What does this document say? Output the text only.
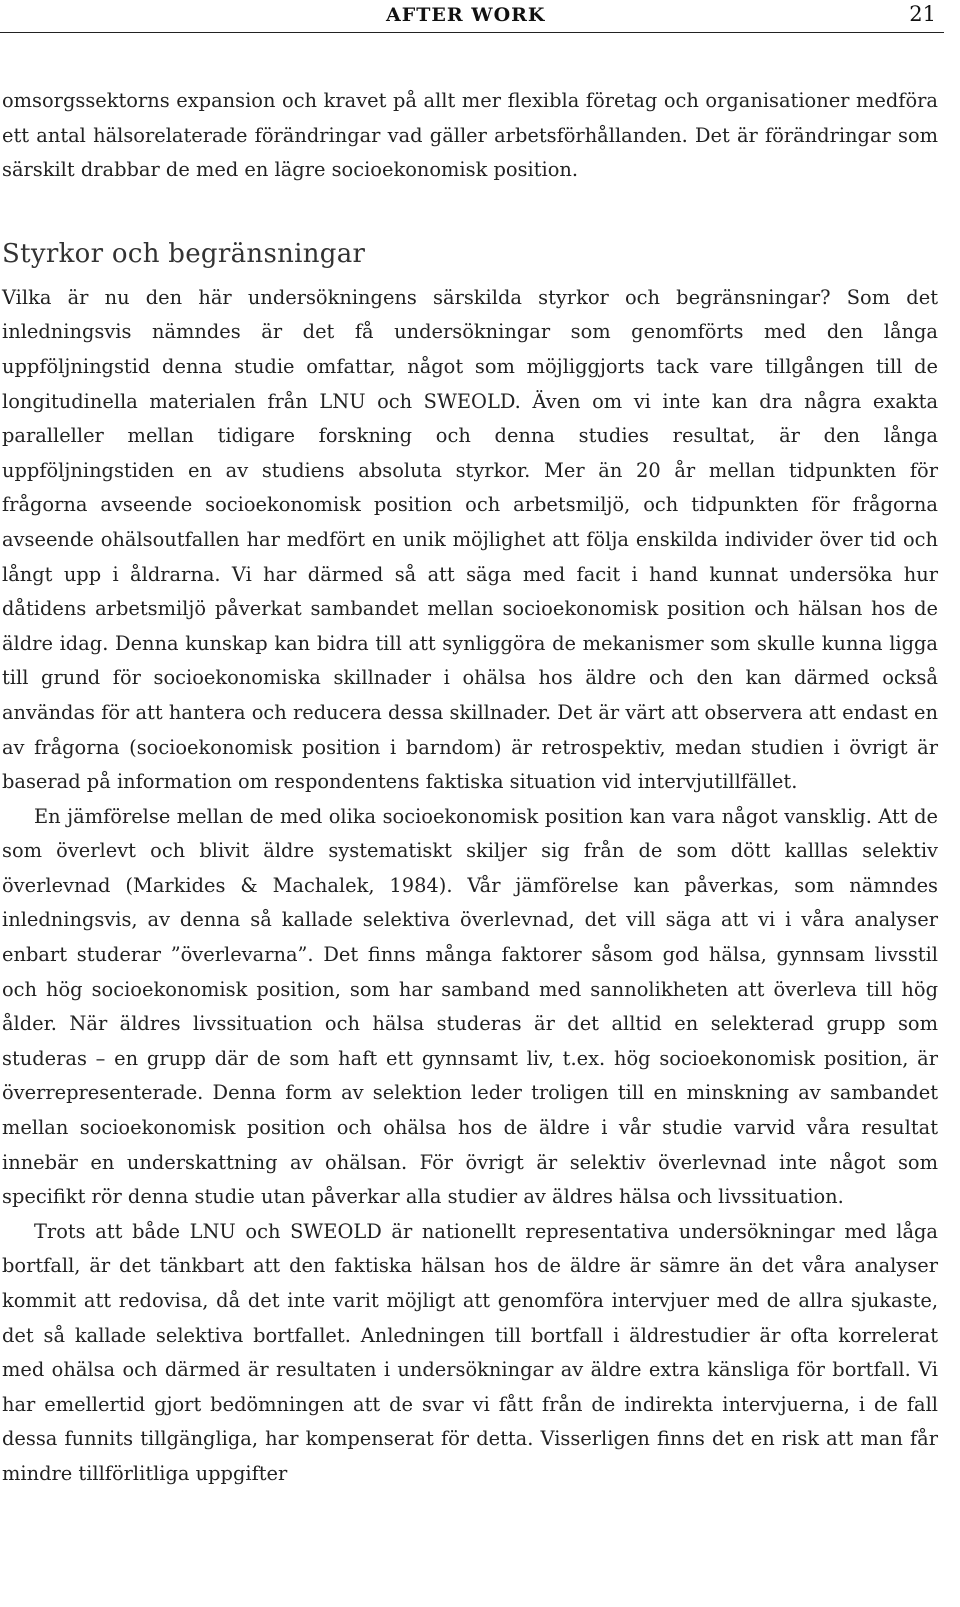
AFTER WORK	21

omsorgssektorns expansion och kravet på allt mer flexibla företag och organisationer medföra ett antal hälsorelaterade förändringar vad gäller arbetsförhållanden. Det är förändringar som särskilt drabbar de med en lägre socioekonomisk position.

Styrkor och begränsningar

Vilka är nu den här undersökningens särskilda styrkor och begränsningar? Som det inledningsvis nämndes är det få undersökningar som genomförts med den långa uppföljningstid denna studie omfattar, något som möjliggjorts tack vare tillgången till de longitudinella materialen från LNU och SWEOLD. Även om vi inte kan dra några exakta paralleller mellan tidigare forskning och denna studies resultat, är den långa uppföljningstiden en av studiens absoluta styrkor. Mer än 20 år mellan tidpunkten för frågorna avseende socioekonomisk position och arbetsmiljö, och tidpunkten för frågorna avseende ohälsoutfallen har medfört en unik möjlighet att följa enskilda individer över tid och långt upp i åldrarna. Vi har därmed så att säga med facit i hand kunnat undersöka hur dåtidens arbetsmiljö påverkat sambandet mellan socioekonomisk position och hälsan hos de äldre idag. Denna kunskap kan bidra till att synliggöra de mekanismer som skulle kunna ligga till grund för socioekonomiska skillnader i ohälsa hos äldre och den kan därmed också användas för att hantera och reducera dessa skillnader. Det är värt att observera att endast en av frågorna (socioekonomisk position i barndom) är retrospektiv, medan studien i övrigt är baserad på information om respondentens faktiska situation vid intervjutillfället.

En jämförelse mellan de med olika socioekonomisk position kan vara något vansklig. Att de som överlevt och blivit äldre systematiskt skiljer sig från de som dött kalllas selektiv överlevnad (Markides & Machalek, 1984). Vår jämförelse kan påverkas, som nämndes inledningsvis, av denna så kallade selektiva överlevnad, det vill säga att vi i våra analyser enbart studerar ”överlevarna”. Det finns många faktorer såsom god hälsa, gynnsam livsstil och hög socioekonomisk position, som har samband med sannolikheten att överleva till hög ålder. När äldres livssituation och hälsa studeras är det alltid en selekterad grupp som studeras – en grupp där de som haft ett gynnsamt liv, t.ex. hög socioekonomisk position, är överrepresenterade. Denna form av selektion leder troligen till en minskning av sambandet mellan socioekonomisk position och ohälsa hos de äldre i vår studie varvid våra resultat innebär en underskattning av ohälsan. För övrigt är selektiv överlevnad inte något som specifikt rör denna studie utan påverkar alla studier av äldres hälsa och livssituation.

Trots att både LNU och SWEOLD är nationellt representativa undersökningar med låga bortfall, är det tänkbart att den faktiska hälsan hos de äldre är sämre än det våra analyser kommit att redovisa, då det inte varit möjligt att genomföra intervjuer med de allra sjukaste, det så kallade selektiva bortfallet. Anledningen till bortfall i äldrestudier är ofta korrelerat med ohälsa och därmed är resultaten i undersökningar av äldre extra känsliga för bortfall. Vi har emellertid gjort bedömningen att de svar vi fått från de indirekta intervjuerna, i de fall dessa funnits tillgängliga, har kompenserat för detta. Visserligen finns det en risk att man får mindre tillförlitliga uppgifter
